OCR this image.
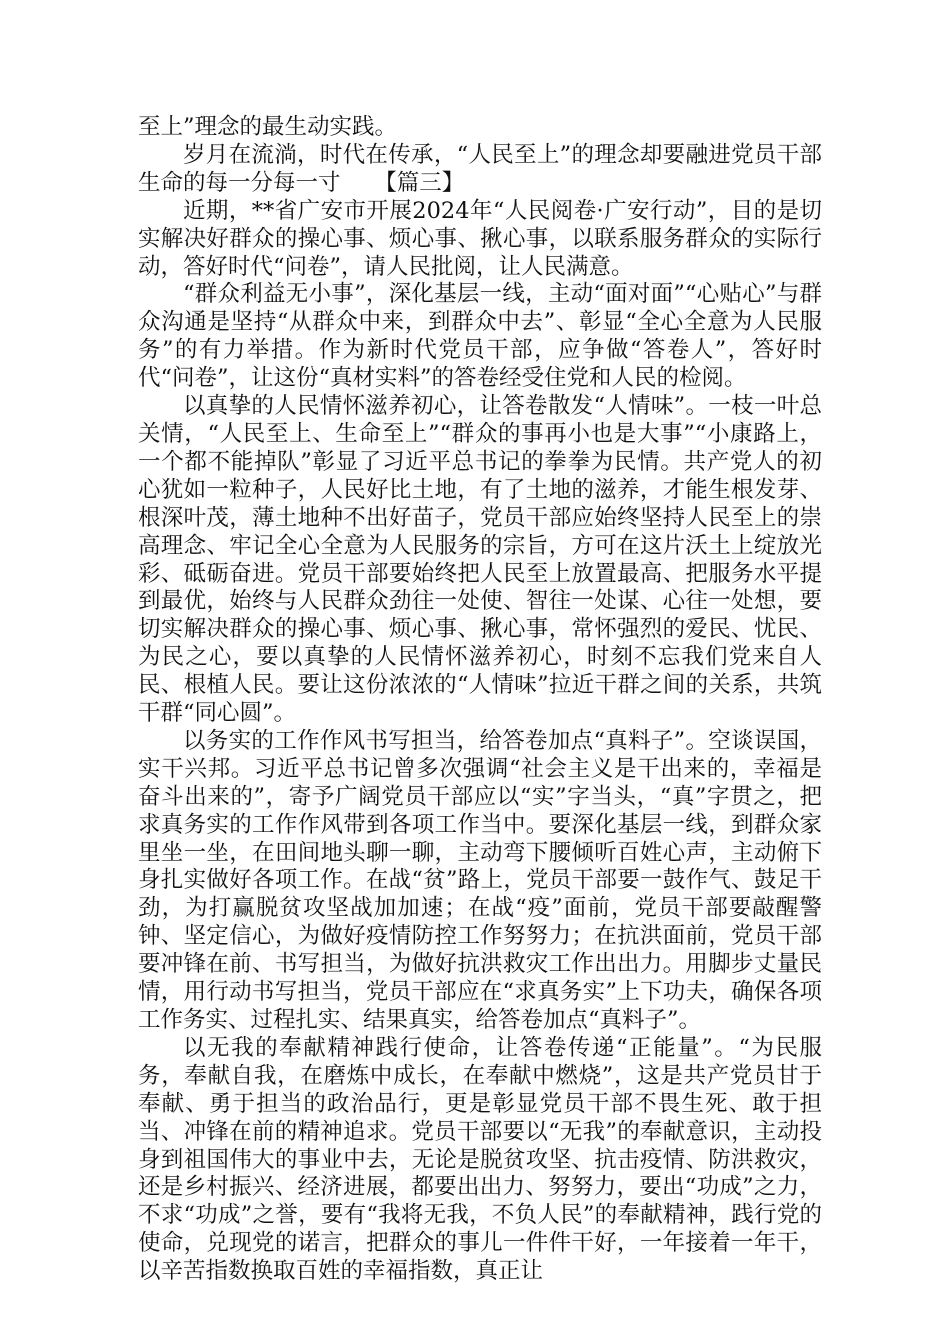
至上”理念的最生动实践。

岁月在流淌，时代在传承，“人民至上”的理念却要融进党员干部生命的每一分每一寸　　【篇三】

近期，**省广安市开展2024年“人民阅卷·广安行动”，目的是切实解决好群众的操心事、烦心事、揪心事，以联系服务群众的实际行动，答好时代“问卷”，请人民批阅，让人民满意。

“群众利益无小事”，深化基层一线，主动“面对面”“心贴心”与群众沟通是坚持“从群众中来，到群众中去”、彰显“全心全意为人民服务”的有力举措。作为新时代党员干部，应争做“答卷人”，答好时代“问卷”，让这份“真材实料”的答卷经受住党和人民的检阅。

以真挚的人民情怀滋养初心，让答卷散发“人情味”。一枝一叶总关情，“人民至上、生命至上”“群众的事再小也是大事”“小康路上，一个都不能掉队”彰显了习近平总书记的拳拳为民情。共产党人的初心犹如一粒种子，人民好比土地，有了土地的滋养，才能生根发芽、根深叶茂，薄土地种不出好苗子，党员干部应始终坚持人民至上的崇高理念、牢记全心全意为人民服务的宗旨，方可在这片沃土上绽放光彩、砥砺奋进。党员干部要始终把人民至上放置最高、把服务水平提到最优，始终与人民群众劲往一处使、智往一处谋、心往一处想，要切实解决群众的操心事、烦心事、揪心事，常怀强烈的爱民、忧民、为民之心，要以真挚的人民情怀滋养初心，时刻不忘我们党来自人民、根植人民。要让这份浓浓的“人情味”拉近干群之间的关系，共筑干群“同心圆”。

以务实的工作作风书写担当，给答卷加点“真料子”。空谈误国，实干兴邦。习近平总书记曾多次强调“社会主义是干出来的，幸福是奋斗出来的”，寄予广阔党员干部应以“实”字当头，“真”字贯之，把求真务实的工作作风带到各项工作当中。要深化基层一线，到群众家里坐一坐，在田间地头聊一聊，主动弯下腰倾听百姓心声，主动俯下身扎实做好各项工作。在战“贫”路上，党员干部要一鼓作气、鼓足干劲，为打赢脱贫攻坚战加加速；在战“疫”面前，党员干部要敲醒警钟、坚定信心，为做好疫情防控工作努努力；在抗洪面前，党员干部要冲锋在前、书写担当，为做好抗洪救灾工作出出力。用脚步丈量民情，用行动书写担当，党员干部应在“求真务实”上下功夫，确保各项工作务实、过程扎实、结果真实，给答卷加点“真料子”。

以无我的奉献精神践行使命，让答卷传递“正能量”。“为民服务，奉献自我，在磨炼中成长，在奉献中燃烧”，这是共产党员甘于奉献、勇于担当的政治品行，更是彰显党员干部不畏生死、敢于担当、冲锋在前的精神追求。党员干部要以“无我”的奉献意识，主动投身到祖国伟大的事业中去，无论是脱贫攻坚、抗击疫情、防洪救灾，还是乡村振兴、经济进展，都要出出力、努努力，要出“功成”之力，不求“功成”之誉，要有“我将无我，不负人民”的奉献精神，践行党的使命，兑现党的诺言，把群众的事儿一件件干好，一年接着一年干，以辛苦指数换取百姓的幸福指数，真正让
